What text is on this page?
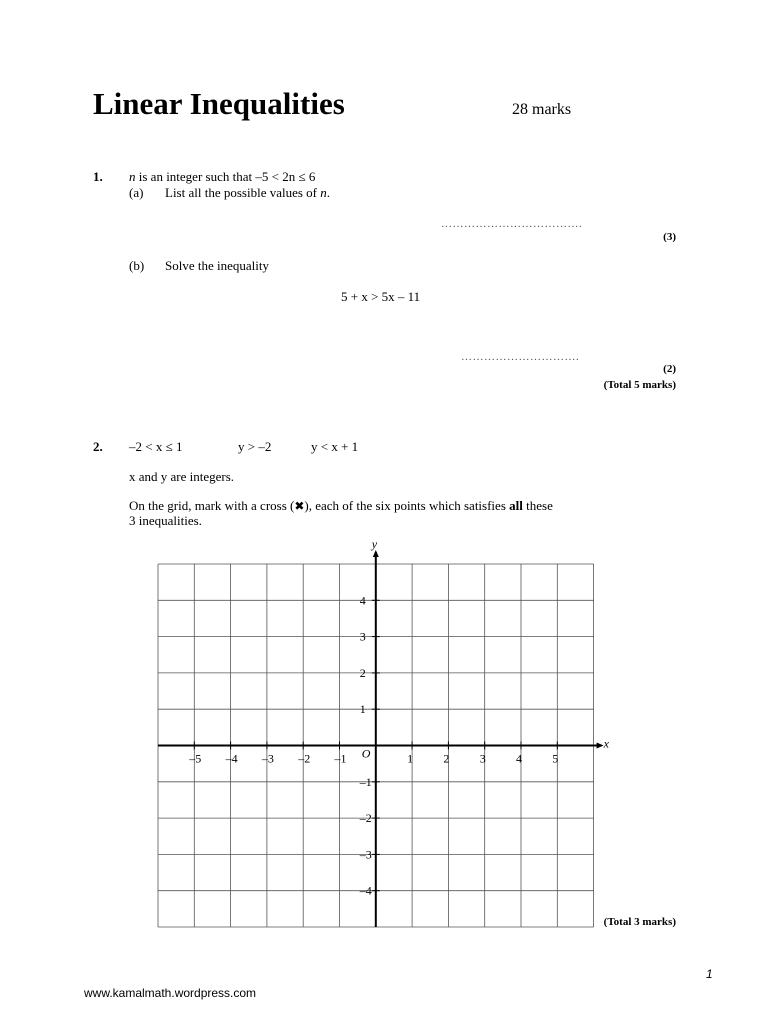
Linear Inequalities	28 marks
1. n is an integer such that –5 < 2n ≤ 6
(a) List all the possible values of n.
……………………………….
(3)
(b) Solve the inequality
5 + x > 5x – 11
………………………….
(2)
(Total 5 marks)
2. –2 < x ≤ 1	y > –2	y < x + 1
x and y are integers.
On the grid, mark with a cross (✖), each of the six points which satisfies all these
3 inequalities.
–5 –4 –3 –2 –1	1	2	3	4	5
4
3
2
1
–1
–2
–3
–4
x
y
O
(Total 3 marks)
1
www.kamalmath.wordpress.com
